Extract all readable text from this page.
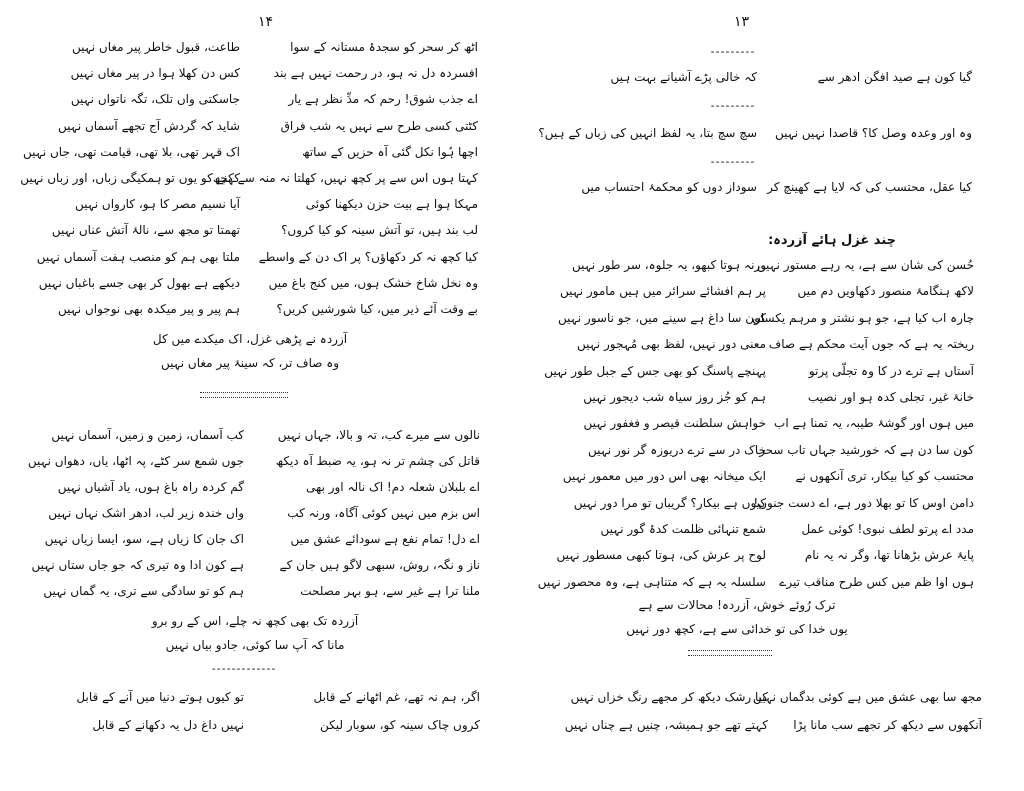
۱۴
اٹھ کر سحر کو سجدۂ مستانہ کے سوا
طاعت، قبول خاطر پیر مغاں نہیں
افسردہ دل نہ ہو، در رحمت نہیں ہے بند
کس دن کھلا ہوا در پیر مغاں نہیں
اے جذب شوق! رحم کہ مدِّ نظر ہے یار
جاسکتی واں تلک، تگہ ناتواں نہیں
کٹتی کسی طرح سے نہیں یہ شب فراق
شاید کہ گردش آج تجھے آسماں نہیں
اچھا ہُوا نکل گئی آہ حزیں کے ساتھ
اک قہر تھی، بلا تھی، قیامت تھی، جاں نہیں
کہتا ہوں اس سے پر کچھ نہیں، کھلتا نہ منہ سے کچھ
کہنے کو یوں تو ہمکیگی زباں، اور زباں نہیں
مہکا ہوا ہے بیت حزن دیکھنا کوئی
آیا نسیم مصر کا ہو، کارواں نہیں
لب بند ہیں، تو آتش سینہ کو کیا کروں؟
تھمتا تو مجھ سے، نالۂ آتش عناں نہیں
کیا کچھ نہ کر دکھاؤں؟ پر اک دن کے واسطے
ملتا بھی ہم کو منصب ہفت آسماں نہیں
وہ نخل شاخ خشک ہوں، میں کنج باغ میں
دیکھے ہے بھول کر بھی جسے باغباں نہیں
بے وقت آئے ذیر میں، کیا شورشیں کریں؟
ہم پیر و پیر میکدہ بھی نوجواں نہیں
آزردہ نے پڑھی غزل، اک میکدے میں کل
وہ صاف تر، کہ سینۂ پیر مغاں نہیں
نالوں سے میرے کب، تہ و بالا، جہاں نہیں
کب آسماں، زمین و زمیں، آسماں نہیں
قاتل کی چشم تر نہ ہو، یہ ضبط آہ دیکھ
جوں شمع سر کٹے، پہ اٹھا، یاں، دھواں نہیں
اے بلبلان شعلہ دم! اک نالہ اور بھی
گم کردہ راہ باغ ہوں، یاد آشیاں نہیں
اس بزم میں نہیں کوئی آگاہ، ورنہ کب
واں خندہ زیر لب، ادھر اشک نہاں نہیں
اے دل! تمام نفع ہے سودائے عشق میں
اک جان کا زیاں ہے، سو، ایسا زیاں نہیں
ناز و نگہ، روش، سبھی لاگو ہیں جان کے
ہے کون ادا وہ تیری کہ جو جاں ستاں نہیں
ملنا ترا ہے غیر سے، ہو بہر مصلحت
ہم کو تو سادگی سے تری، یہ گماں نہیں
آزردہ تک بھی کچھ نہ چلے، اس کے رو برو
مانا کہ آپ سا کوئی، جادو بیاں نہیں
-------------
اگر، ہم نہ تھے، غم اٹھانے کے قابل
تو کیوں ہوتے دنیا میں آنے کے قابل
کروں چاک سینہ کو، سوبار لیکن
نہیں داغ دل یہ دکھانے کے قابل
۱۳
---------
گیا کون ہے صید افگن ادھر سے
کہ خالی پڑے آشیانے بہت ہیں
---------
وہ اور وعدہ وصل کا؟ قاصدا نہیں نہیں
سچ سچ بتا، یہ لفظ انہیں کی زباں کے ہیں؟
---------
کیا عقل، محتسب کی کہ لایا ہے کھینچ کر
سوداز دوں کو محکمۂ احتساب میں
چند غزل ہائے آزردہ:
حُسن کی شان سے ہے، یہ رہے مستور نہیں
ورنہ ہوتا کبھو، یہ جلوہ، سر طور نہیں
لاکھ ہنگامۂ منصور دکھاویں دم میں
پر ہم افشائے سرائر میں ہیں مامور نہیں
چارہ اب کیا ہے، جو ہو نشتر و مرہم یکساں
کون سا داغ ہے سینے میں، جو ناسور نہیں
ریختہ یہ ہے کہ جوں آیت محکم ہے صاف
معنی دور نہیں، لفظ بھی مُہجور نہیں
آستاں ہے ترے در کا وہ تجلّی پرتو
پہنچے پاسنگ کو بھی جس کے جبل طور نہیں
خانۂ غیر، تجلی کدہ ہو اور نصیب
ہم کو جُز روز سیاہ شب دیجور نہیں
میں ہوں اور گوشۂ طیبہ، یہ تمنا ہے اب
خواہش سلطنت قیصر و فغفور نہیں
کون سا دن ہے کہ خورشید جہاں تاب سحر
خاک در سے ترے دریوزہ گر نور نہیں
محتسب کو کیا بیکار، تری آنکھوں نے
ایک میخانہ بھی اس دور میں معمور نہیں
دامن اوس کا تو بھلا دور ہے، اے دست جنوں!
کیوں ہے بیکار؟ گریباں تو مرا دور نہیں
مدد اے پرتو لطف نبوی! کوئی عمل
شمع تنہائی ظلمت کدۂ گور نہیں
پایۂ عرش بڑھانا تھا، وگر نہ یہ نام
لوح پر عرش کی، ہوتا کبھی مسطور نہیں
ہوں اوا ظم میں کس طرح مناقب تیرے
سلسلہ یہ ہے کہ متناہی ہے، وہ محصور نہیں
ترک رُوئے خوش، آزردہ! محالات سے ہے
یوں خدا کی تو خدائی سے ہے، کچھ دور نہیں
مجھ سا بھی عشق میں ہے کوئی بدگماں نہیں
کیا رشک دیکھ کر مجھے رنگ خزاں نہیں
آنکھوں سے دیکھ کر تجھے سب مانا پڑا
کہتے تھے جو ہمیشہ، چنیں ہے چناں نہیں
